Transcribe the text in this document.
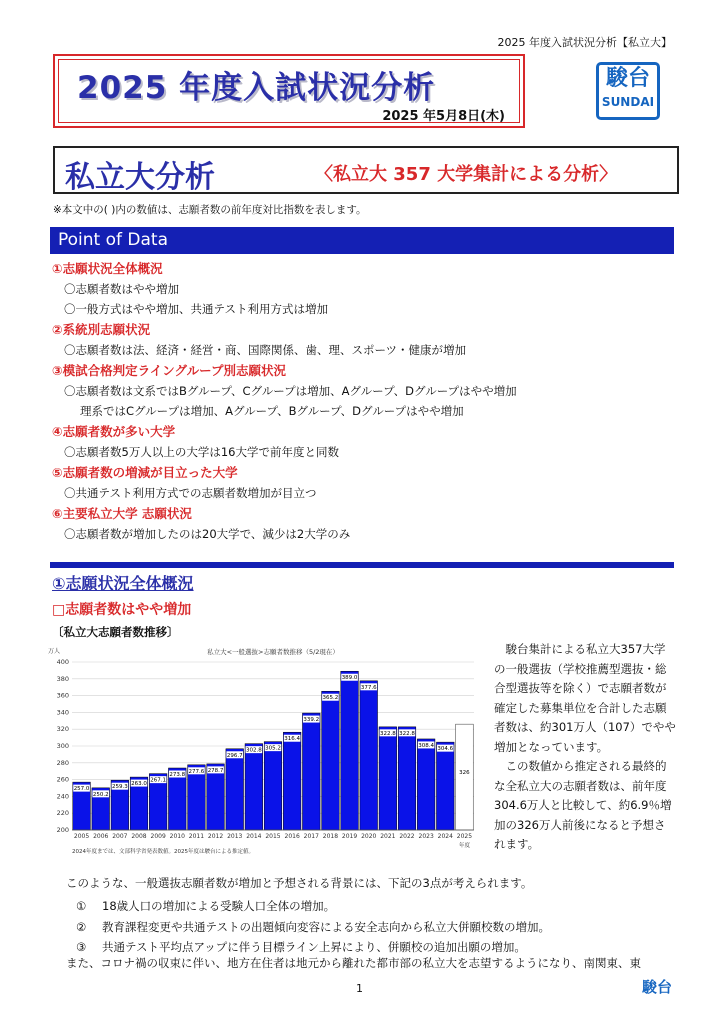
2025 年度入試状況分析【私立大】
2025 年度入試状況分析
2025 年5月8日(木)
駿台
SUNDAI
私立大分析	〈私立大 357 大学集計による分析〉
※本文中の( )内の数値は、志願者数の前年度対比指数を表します。
Point of Data
①志願状況全体概況
〇志願者数はやや増加
〇一般方式はやや増加、共通テスト利用方式は増加
②系統別志願状況
〇志願者数は法、経済・経営・商、国際関係、歯、理、スポーツ・健康が増加
③模試合格判定ライングループ別志願状況
〇志願者数は文系ではBグループ、Cグループは増加、Aグループ、Dグループはやや増加
理系ではCグループは増加、Aグループ、Bグループ、Dグループはやや増加
④志願者数が多い大学
〇志願者数5万人以上の大学は16大学で前年度と同数
⑤志願者数の増減が目立った大学
〇共通テスト利用方式での志願者数増加が目立つ
⑥主要私立大学 志願状況
〇志願者数が増加したのは20大学で、減少は2大学のみ
①志願状況全体概況
□志願者数はやや増加
〔私立大志願者数推移〕
私立大<一般選抜>志願者数推移（5/2現在）
万人
200
220
240
260
280
300
320
340
360
380
400
257.0
2005
250.2
2006
259.3
2007
263.0
2008
267.1
2009
273.8
2010
277.6
2011
278.7
2012
296.7
2013
302.8
2014
305.2
2015
316.4
2016
339.2
2017
365.2
2018
389.0
2019
377.6
2020
322.8
2021
322.8
2022
308.4
2023
304.6
2024
326
2025
年度
2024年度までは、文部科学省発表数値。2025年度は駿台による推定値。

駿台集計による私立大357大学の一般選抜（学校推薦型選抜・総合型選抜等を除く）で志願者数が確定した募集単位を合計した志願者数は、約301万人（107）でやや増加となっています。

この数値から推定される最終的な全私立大の志願者数は、前年度304.6万人と比較して、約6.9％増加の326万人前後になると予想されます。

このような、一般選抜志願者数が増加と予想される背景には、下記の3点が考えられます。
① 18歳人口の増加による受験人口全体の増加。
② 教育課程変更や共通テストの出題傾向変容による安全志向から私立大併願校数の増加。
③ 共通テスト平均点アップに伴う目標ライン上昇により、併願校の追加出願の増加。
また、コロナ禍の収束に伴い、地方在住者は地元から離れた都市部の私立大を志望するようになり、南関東、東
1	駿台
